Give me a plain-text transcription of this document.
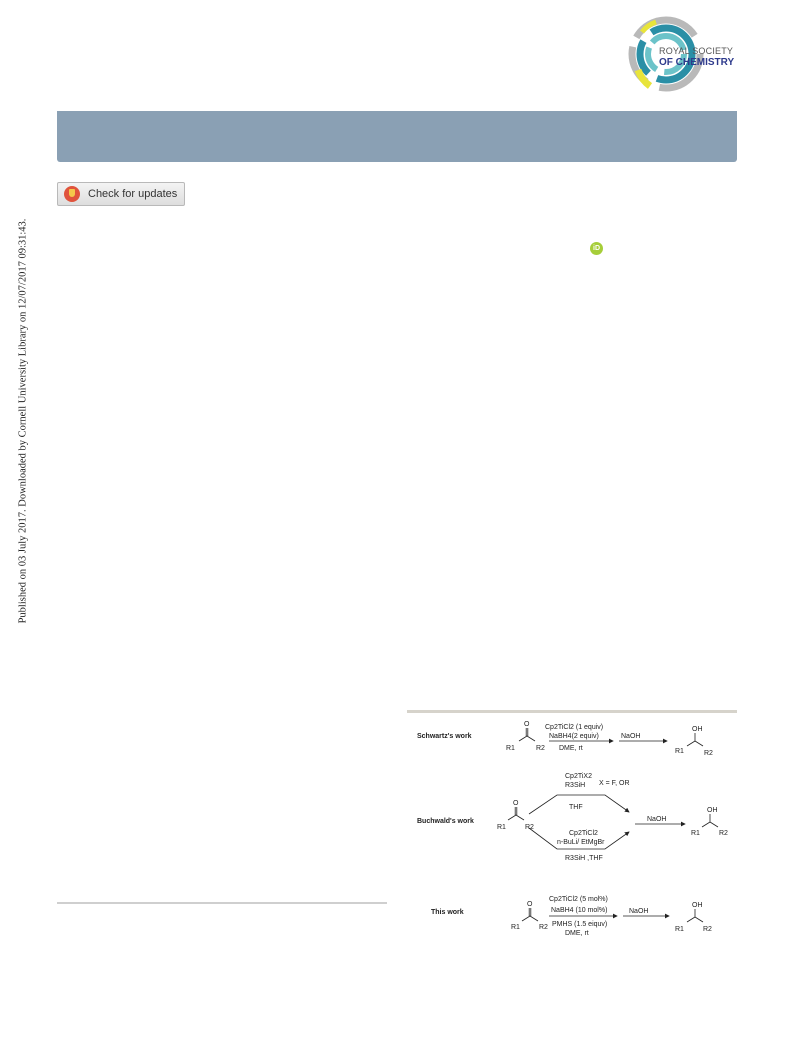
ROYAL SOCIETY
OF CHEMISTRY
Check for updates
iD
Published on 03 July 2017. Downloaded by Cornell University Library on 12/07/2017 09:31:43.
Schwartz's work
O
R1	R2
Cp2TiCl2 (1 equiv)
NaBH4(2 equiv)
DME, rt
NaOH
OH
R1	R2
Buchwald's work
O
R1	R2
Cp2TiX2
R3SiH X = F, OR
THF
Cp2TiCl2
n-BuLi/ EtMgBr
R3SiH ,THF
NaOH
OH
R1	R2
This work
O
R1	R2
Cp2TiCl2 (5 mol%)
NaBH4 (10 mol%)
PMHS (1.5 eiquv)
DME, rt
NaOH
OH
R1	R2
